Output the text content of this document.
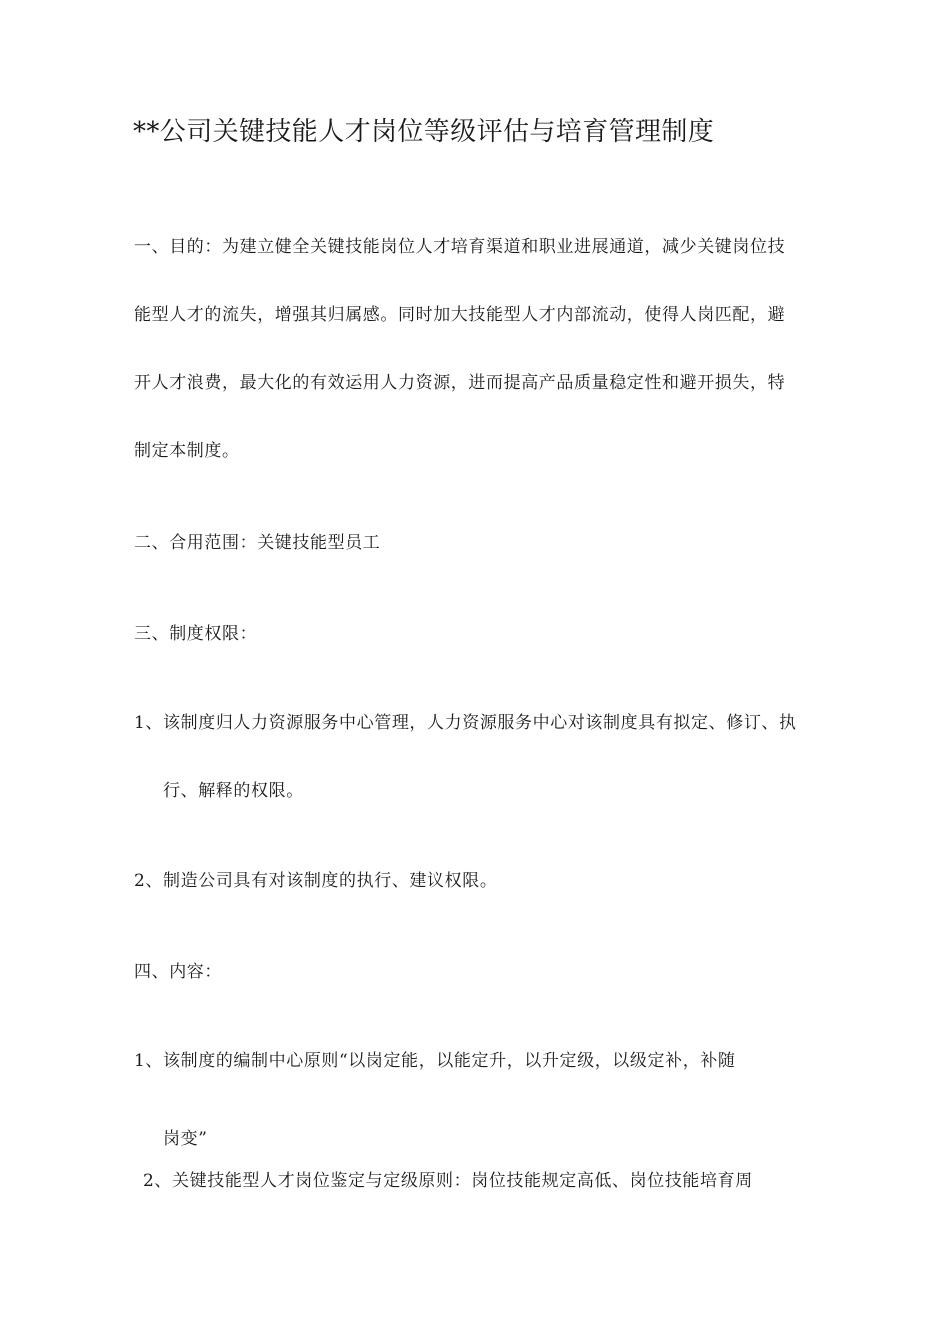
**公司关键技能人才岗位等级评估与培育管理制度
一、目的：为建立健全关键技能岗位人才培育渠道和职业进展通道，减少关键岗位技
能型人才的流失，增强其归属感。同时加大技能型人才内部流动，使得人岗匹配，避
开人才浪费，最大化的有效运用人力资源，进而提高产品质量稳定性和避开损失，特
制定本制度。
二、合用范围：关键技能型员工
三、制度权限：
1、该制度归人力资源服务中心管理，人力资源服务中心对该制度具有拟定、修订、执
行、解释的权限。
2、制造公司具有对该制度的执行、建议权限。
四、内容：
1、该制度的编制中心原则“以岗定能，以能定升，以升定级，以级定补，补随
岗变”
2、关键技能型人才岗位鉴定与定级原则：岗位技能规定高低、岗位技能培育周
